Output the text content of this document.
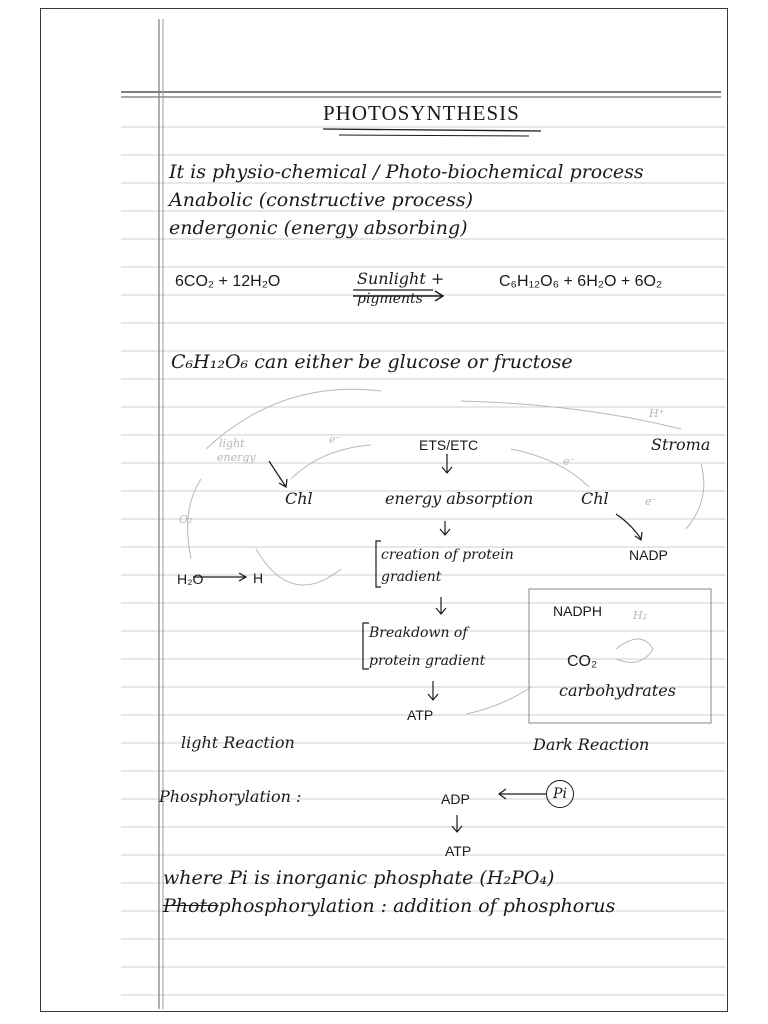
PHOTOSYNTHESIS
It is physio-chemical / Photo-biochemical process
Anabolic (constructive process)
endergonic (energy absorbing)
6CO₂ + 12H₂O	Sunlight +
pigments
C₆H₁₂O₆ + 6H₂O + 6O₂
C₆H₁₂O₆ can either be glucose or fructose
light
energy
e⁻
e⁻
e⁻
ETS/ETC	Stroma
H⁺
Chl	energy absorption	Chl
O₂
creation of protein
gradient
NADP
H₂O	H
NADPH	H₂
Breakdown of
protein gradient	CO₂
carbohydrates
ATP
light Reaction	Dark Reaction
Phosphorylation :	ADP	Pi
ATP
where Pi is inorganic phosphate (H₂PO₄)
Photophosphorylation : addition of phosphorus
